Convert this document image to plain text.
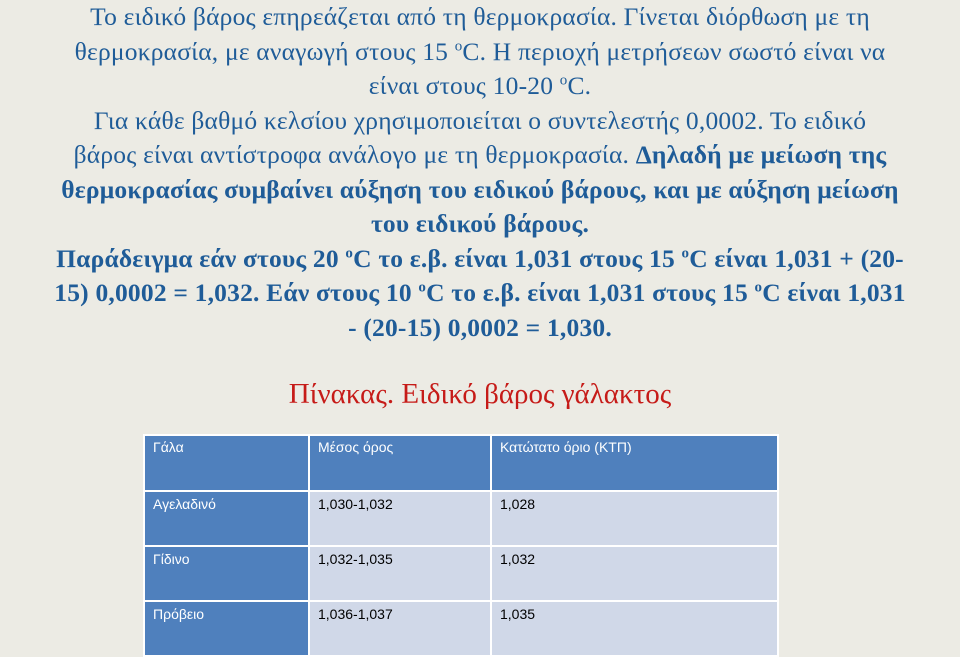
Το ειδικό βάρος επηρεάζεται από τη θερμοκρασία. Γίνεται διόρθωση με τη
θερμοκρασία, με αναγωγή στους 15 $^o$C. Η περιοχή μετρήσεων σωστό είναι να
είναι στους 10-20 $^o$C.
Για κάθε βαθμό κελσίου χρησιμοποιείται ο συντελεστής 0,0002. Το ειδικό
βάρος είναι αντίστροφα ανάλογο με τη θερμοκρασία. Δηλαδή με μείωση της
θερμοκρασίας συμβαίνει αύξηση του ειδικού βάρους, και με αύξηση μείωση
του ειδικού βάρους.
Παράδειγμα εάν στους 20 $^o$C το ε.β. είναι 1,031 στους 15 $^o$C είναι 1,031 + (20-
15) 0,0002 = 1,032. Εάν στους 10 $^o$C το ε.β. είναι 1,031 στους 15 $^o$C είναι 1,031
- (20-15) 0,0002 = 1,030.
Πίνακας. Ειδικό βάρος γάλακτος
Γάλα	Μέσος όρος	Κατώτατο όριο (ΚΤΠ)
Αγελαδινό	1,030-1,032	1,028
Γίδινο	1,032-1,035	1,032
Πρόβειο	1,036-1,037	1,035
